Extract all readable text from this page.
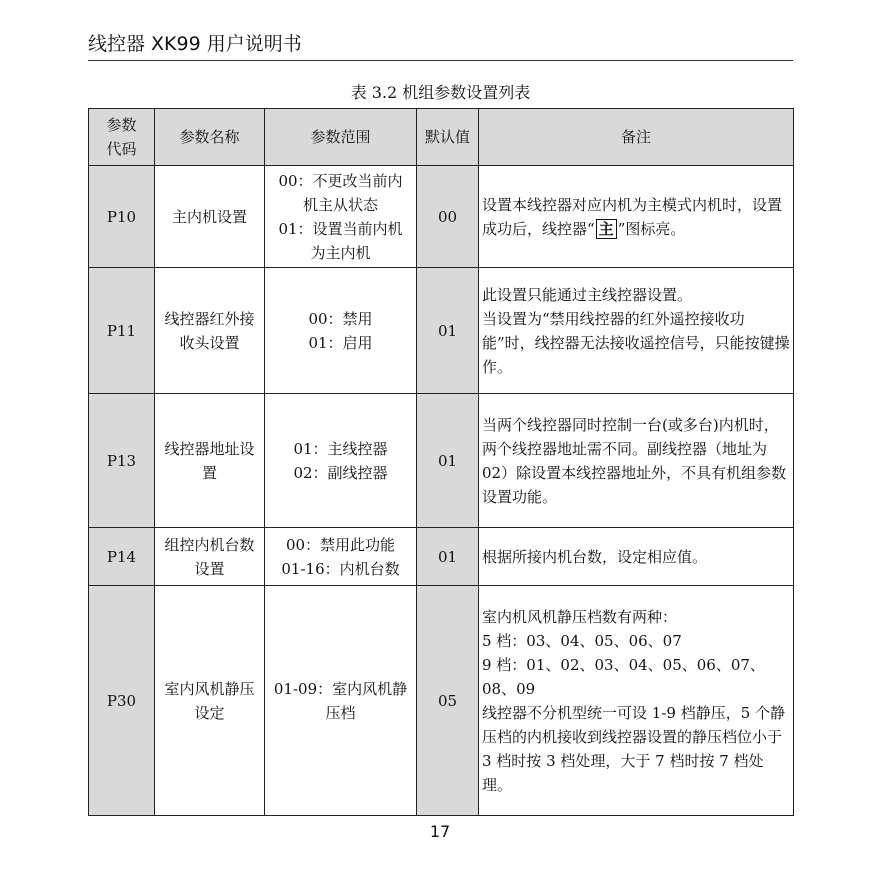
线控器 XK99 用户说明书
表 3.2 机组参数设置列表
参数
代码	参数名称	参数范围	默认值	备注
P10	主内机设置	00：不更改当前内
机主从状态
01：设置当前内机
为主内机	00	设置本线控器对应内机为主模式内机时，设置成功后，线控器“ 主 ”图标亮。
P11	线控器红外接
收头设置	00：禁用
01：启用	01	此设置只能通过主线控器设置。
当设置为“禁用线控器的红外遥控接收功能”时，线控器无法接收遥控信号，只能按键操作。

P13	线控器地址设
置	01：主线控器
02：副线控器	01	当两个线控器同时控制一台(或多台)内机时，两个线控器地址需不同。副线控器（地址为02）除设置本线控器地址外，不具有机组参数设置功能。

P14	组控内机台数
设置	00：禁用此功能
01-16：内机台数	01	根据所接内机台数，设定相应值。

P30	室内风机静压
设定	01-09：室内风机静
压档	05	室内机风机静压档数有两种：
5 档：03、04、05、06、07
9 档：01、02、03、04、05、06、07、08、09
线控器不分机型统一可设 1-9 档静压，5 个静压档的内机接收到线控器设置的静压档位小于 3 档时按 3 档处理，大于 7 档时按 7 档处理。
17
